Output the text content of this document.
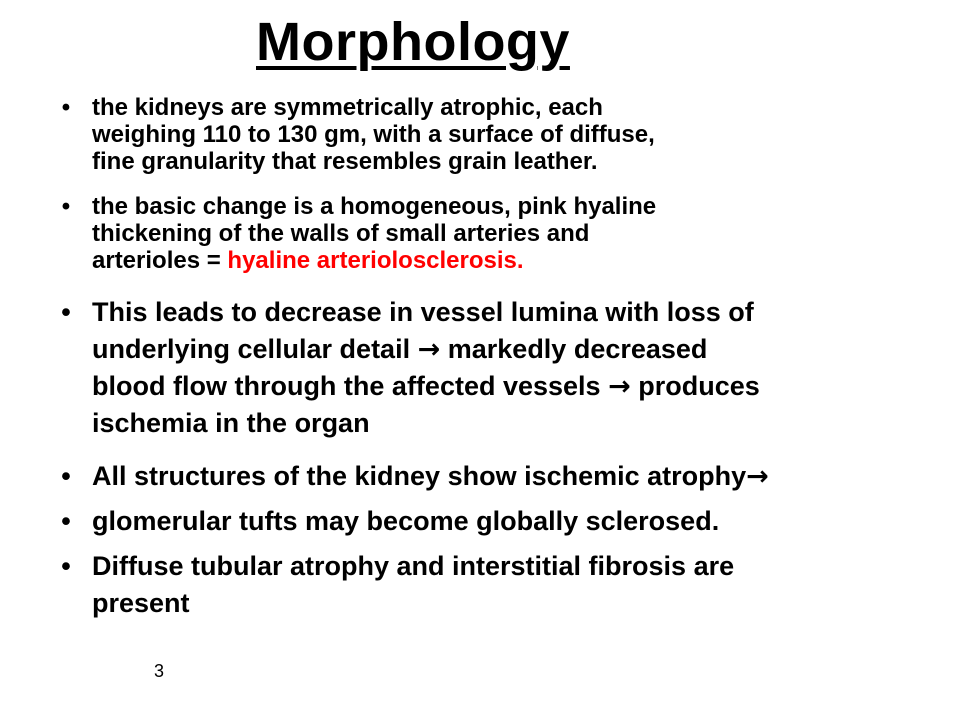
Morphology
• the kidneys are symmetrically atrophic, each
weighing 110 to 130 gm, with a surface of diffuse,
fine granularity that resembles grain leather.
• the basic change is a homogeneous, pink hyaline
thickening of the walls of small arteries and
arterioles = hyaline arteriolosclerosis.
• This leads to decrease in vessel lumina with loss of
underlying cellular detail → markedly decreased
blood flow through the affected vessels → produces
ischemia in the organ
• All structures of the kidney show ischemic atrophy→
• glomerular tufts may become globally sclerosed.
• Diffuse tubular atrophy and interstitial fibrosis are
present
3
